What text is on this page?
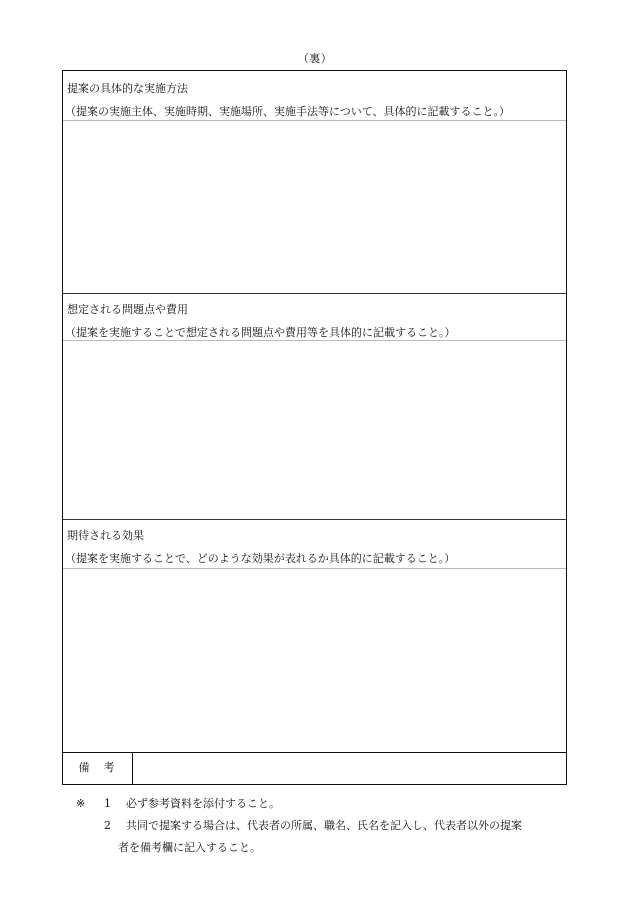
（裏）
提案の具体的な実施方法
（提案の実施主体、実施時期、実施場所、実施手法等について、具体的に記載すること。）
想定される問題点や費用
（提案を実施することで想定される問題点や費用等を具体的に記載すること。）
期待される効果
（提案を実施することで、どのような効果が表れるか具体的に記載すること。）
備考
※ 1 必ず参考資料を添付すること。
2 共同で提案する場合は、代表者の所属、職名、氏名を記入し、代表者以外の提案
者を備考欄に記入すること。
